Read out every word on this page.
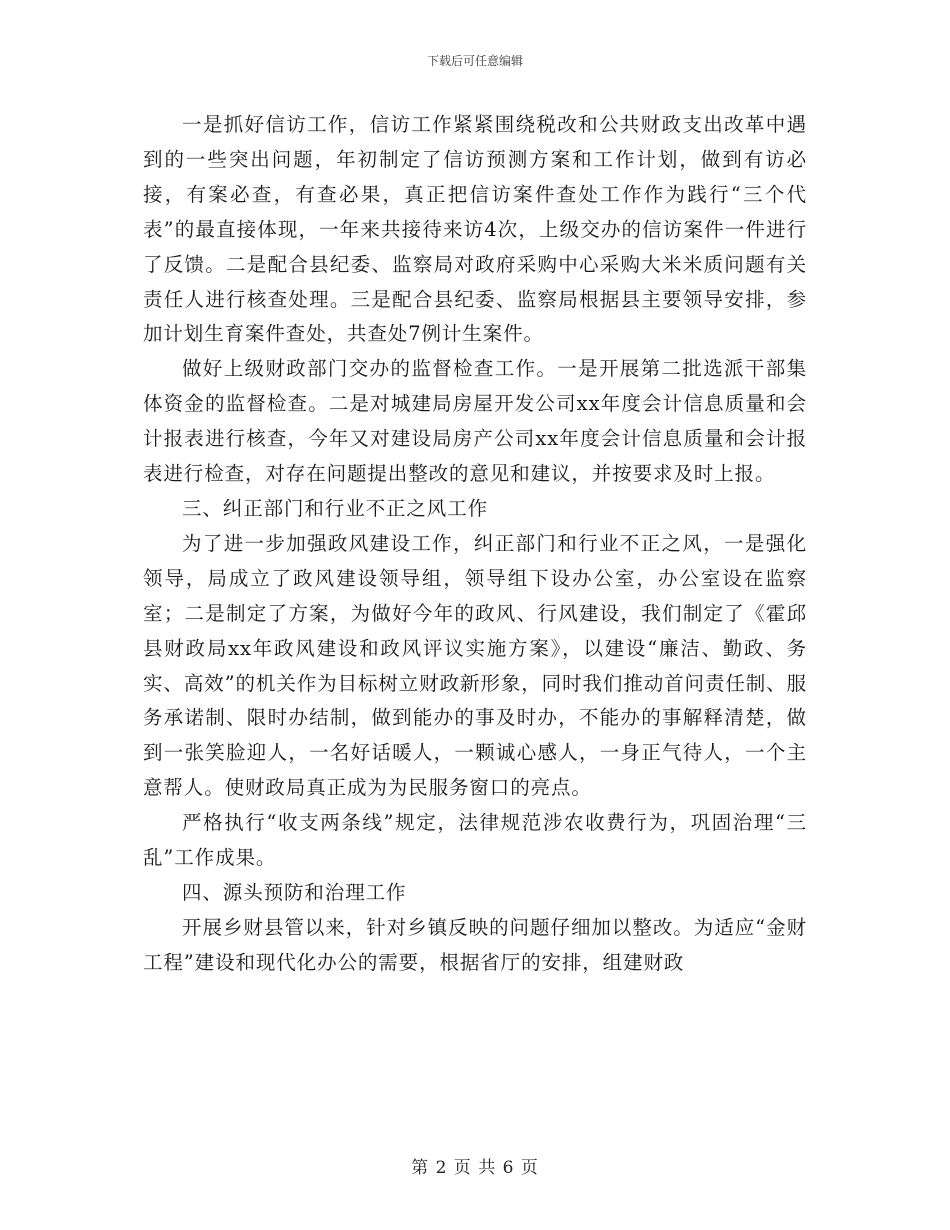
下载后可任意编辑

一是抓好信访工作，信访工作紧紧围绕税改和公共财政支出改革中遇到的一些突出问题，年初制定了信访预测方案和工作计划，做到有访必接，有案必查，有查必果，真正把信访案件查处工作作为践行“三个代表”的最直接体现，一年来共接待来访4次，上级交办的信访案件一件进行了反馈。二是配合县纪委、监察局对政府采购中心采购大米米质问题有关责任人进行核查处理。三是配合县纪委、监察局根据县主要领导安排，参加计划生育案件查处，共查处7例计生案件。

做好上级财政部门交办的监督检查工作。一是开展第二批选派干部集体资金的监督检查。二是对城建局房屋开发公司xx年度会计信息质量和会计报表进行核查，今年又对建设局房产公司xx年度会计信息质量和会计报表进行检查，对存在问题提出整改的意见和建议，并按要求及时上报。

三、纠正部门和行业不正之风工作

为了进一步加强政风建设工作，纠正部门和行业不正之风，一是强化领导，局成立了政风建设领导组，领导组下设办公室，办公室设在监察室；二是制定了方案，为做好今年的政风、行风建设，我们制定了《霍邱县财政局xx年政风建设和政风评议实施方案》，以建设“廉洁、勤政、务实、高效”的机关作为目标树立财政新形象，同时我们推动首问责任制、服务承诺制、限时办结制，做到能办的事及时办，不能办的事解释清楚，做到一张笑脸迎人，一名好话暖人，一颗诚心感人，一身正气待人，一个主意帮人。使财政局真正成为为民服务窗口的亮点。

严格执行“收支两条线”规定，法律规范涉农收费行为，巩固治理“三乱”工作成果。

四、源头预防和治理工作

开展乡财县管以来，针对乡镇反映的问题仔细加以整改。为适应“金财工程”建设和现代化办公的需要，根据省厅的安排，组建财政

第 2 页 共 6 页
